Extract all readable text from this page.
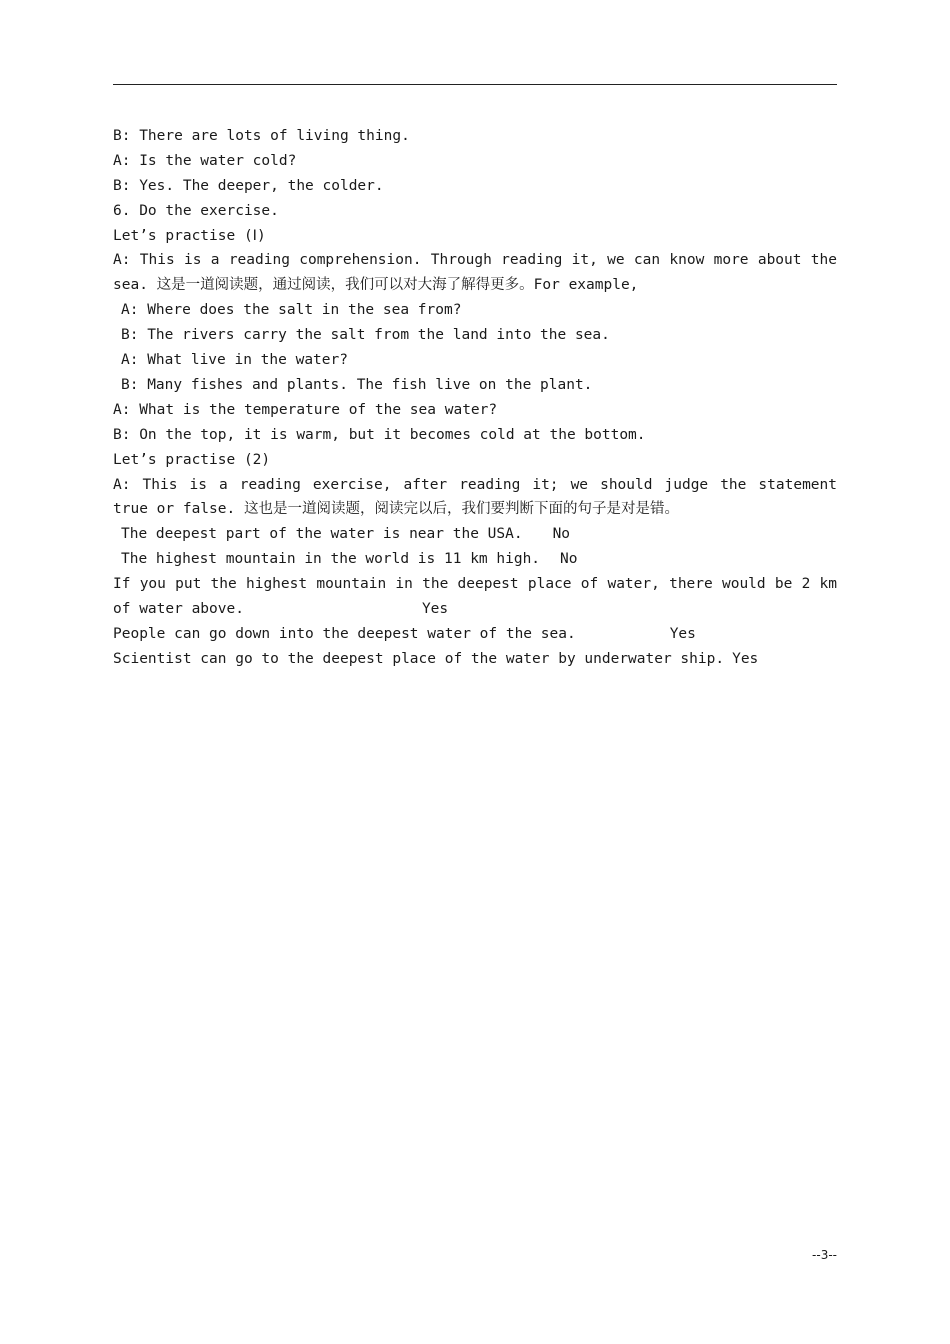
B: There are lots of living thing.
A: Is the water cold?
B: Yes. The deeper, the colder.
6. Do the exercise.
Let’s practise (Ⅰ)
A: This is a reading comprehension. Through reading it, we can know more about the sea. 这是一道阅读题，通过阅读，我们可以对大海了解得更多。For example,
A: Where does the salt in the sea from?
B: The rivers carry the salt from the land into the sea.
A: What live in the water?
B: Many fishes and plants. The fish live on the plant.
A: What is the temperature of the sea water?
B: On the top, it is warm, but it becomes cold at the bottom.
Let’s practise (2)
A: This is a reading exercise, after reading it; we should judge the statement true or false. 这也是一道阅读题，阅读完以后，我们要判断下面的句子是对是错。
The deepest part of the water is near the USA. No
The highest mountain in the world is 11 km high. No
If you put the highest mountain in the deepest place of water, there would be 2 km of water above.	Yes
People can go down into the deepest water of the sea.	Yes
Scientist can go to the deepest place of the water by underwater ship. Yes
--3--
